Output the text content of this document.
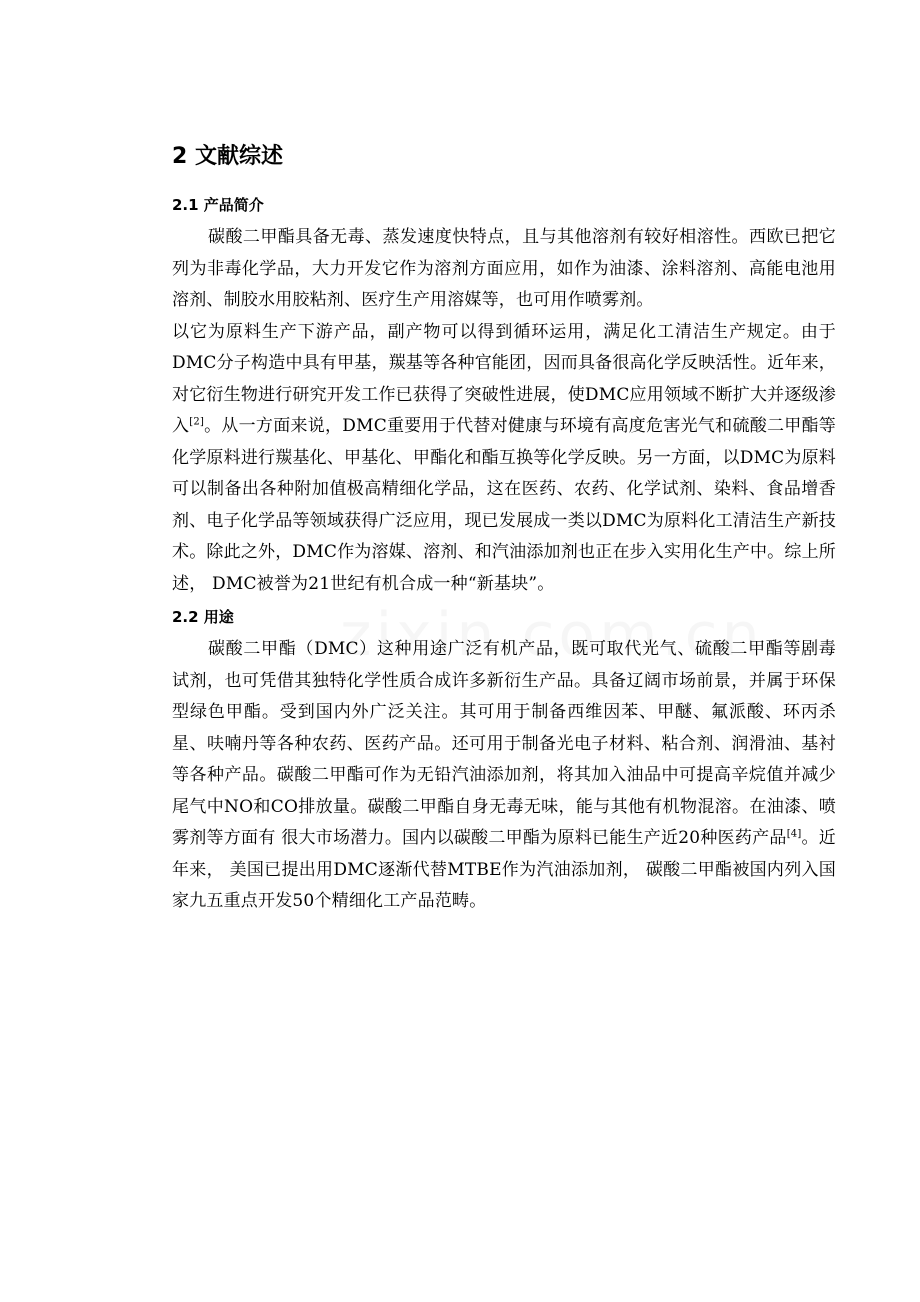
2 文献综述
2.1 产品简介

碳酸二甲酯具备无毒、蒸发速度快特点，且与其他溶剂有较好相溶性。西欧已把它列为非毒化学品，大力开发它作为溶剂方面应用，如作为油漆、涂料溶剂、高能电池用溶剂、制胶水用胶粘剂、医疗生产用溶媒等，也可用作喷雾剂。

以它为原料生产下游产品，副产物可以得到循环运用，满足化工清洁生产规定。由于DMC分子构造中具有甲基，羰基等各种官能团，因而具备很高化学反映活性。近年来，对它衍生物进行研究开发工作已获得了突破性进展，使DMC应用领域不断扩大并逐级渗入[2]。从一方面来说，DMC重要用于代替对健康与环境有高度危害光气和硫酸二甲酯等化学原料进行羰基化、甲基化、甲酯化和酯互换等化学反映。另一方面，以DMC为原料可以制备出各种附加值极高精细化学品，这在医药、农药、化学试剂、染料、食品增香剂、电子化学品等领域获得广泛应用，现已发展成一类以DMC为原料化工清洁生产新技术。除此之外，DMC作为溶媒、溶剂、和汽油添加剂也正在步入实用化生产中。综上所述， DMC被誉为21世纪有机合成一种“新基块”。

2.2 用途

碳酸二甲酯（DMC）这种用途广泛有机产品，既可取代光气、硫酸二甲酯等剧毒试剂，也可凭借其独特化学性质合成许多新衍生产品。具备辽阔市场前景，并属于环保型绿色甲酯。受到国内外广泛关注。其可用于制备西维因苯、甲醚、氟派酸、环丙杀星、呋喃丹等各种农药、医药产品。还可用于制备光电子材料、粘合剂、润滑油、基衬等各种产品。碳酸二甲酯可作为无铅汽油添加剂，将其加入油品中可提高辛烷值并减少尾气中NO和CO排放量。碳酸二甲酯自身无毒无味，能与其他有机物混溶。在油漆、喷雾剂等方面有 很大市场潜力。国内以碳酸二甲酯为原料已能生产近20种医药产品[4]。近年来， 美国已提出用DMC逐渐代替MTBE作为汽油添加剂， 碳酸二甲酯被国内列入国家九五重点开发50个精细化工产品范畴。
